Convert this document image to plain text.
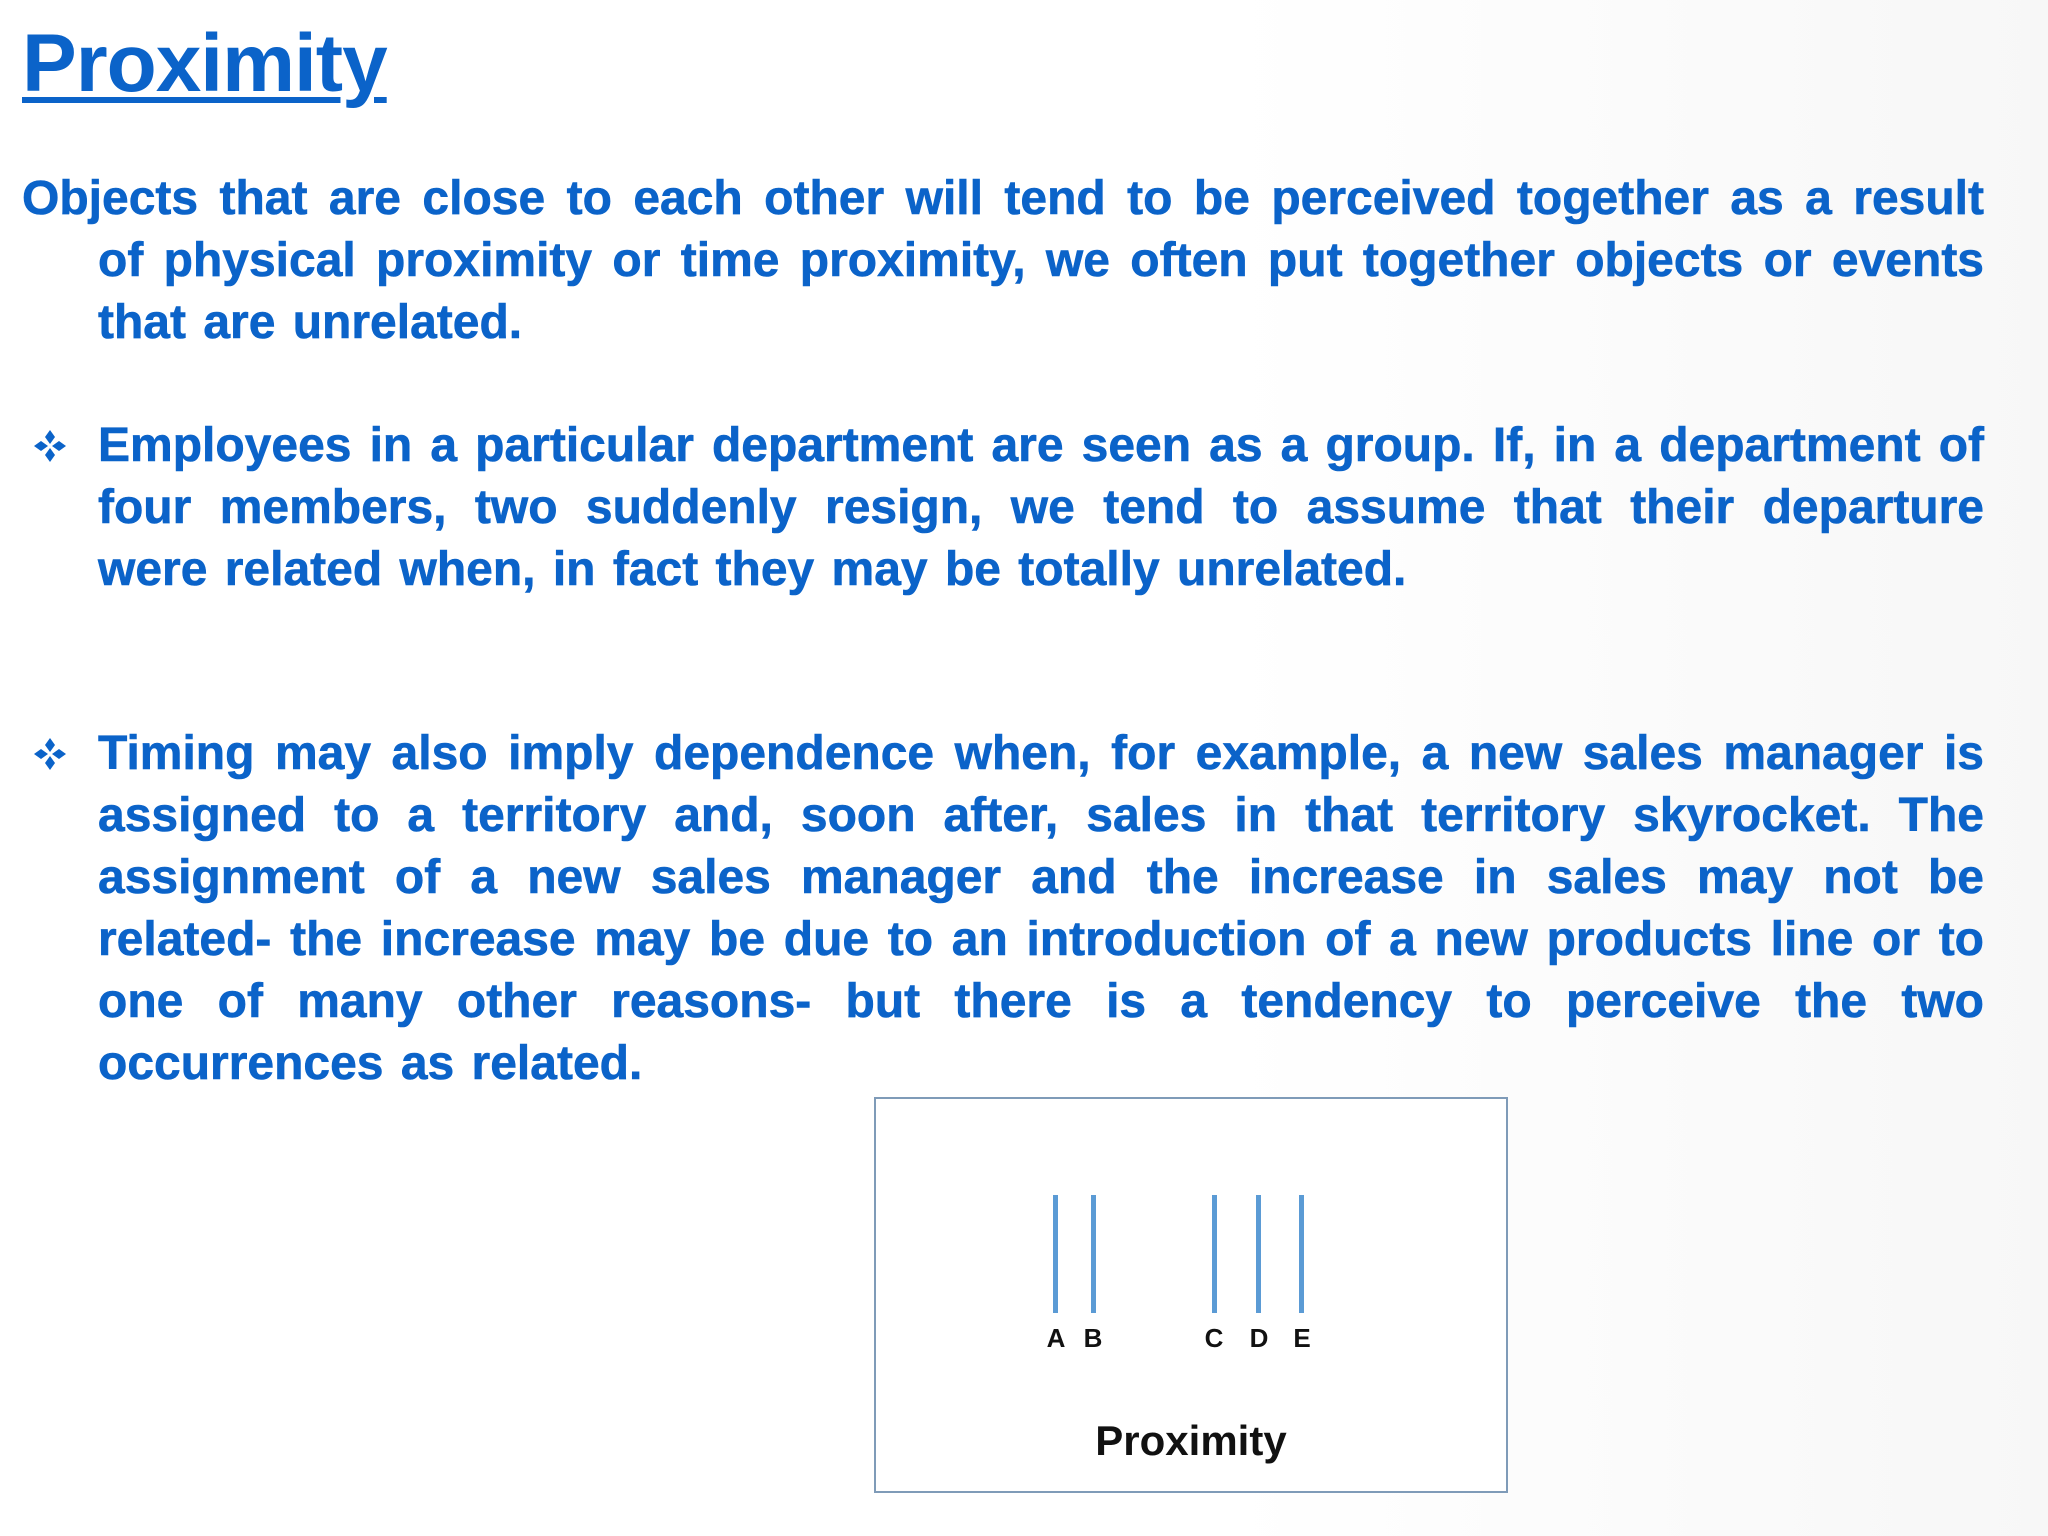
Proximity

Objects that are close to each other will tend to be perceived together as a result of physical proximity or time proximity, we often put together objects or events that are unrelated.

Employees in a particular department are seen as a group. If, in a department of four members, two suddenly resign, we tend to assume that their departure were related when, in fact they may be totally unrelated.

Timing may also imply dependence when, for example, a new sales manager is assigned to a territory and, soon after, sales in that territory skyrocket. The assignment of a new sales manager and the increase in sales may not be related- the increase may be due to an introduction of a new products line or to one of many other reasons- but there is a tendency to perceive the two occurrences as related.

A B	C	D E
Proximity
